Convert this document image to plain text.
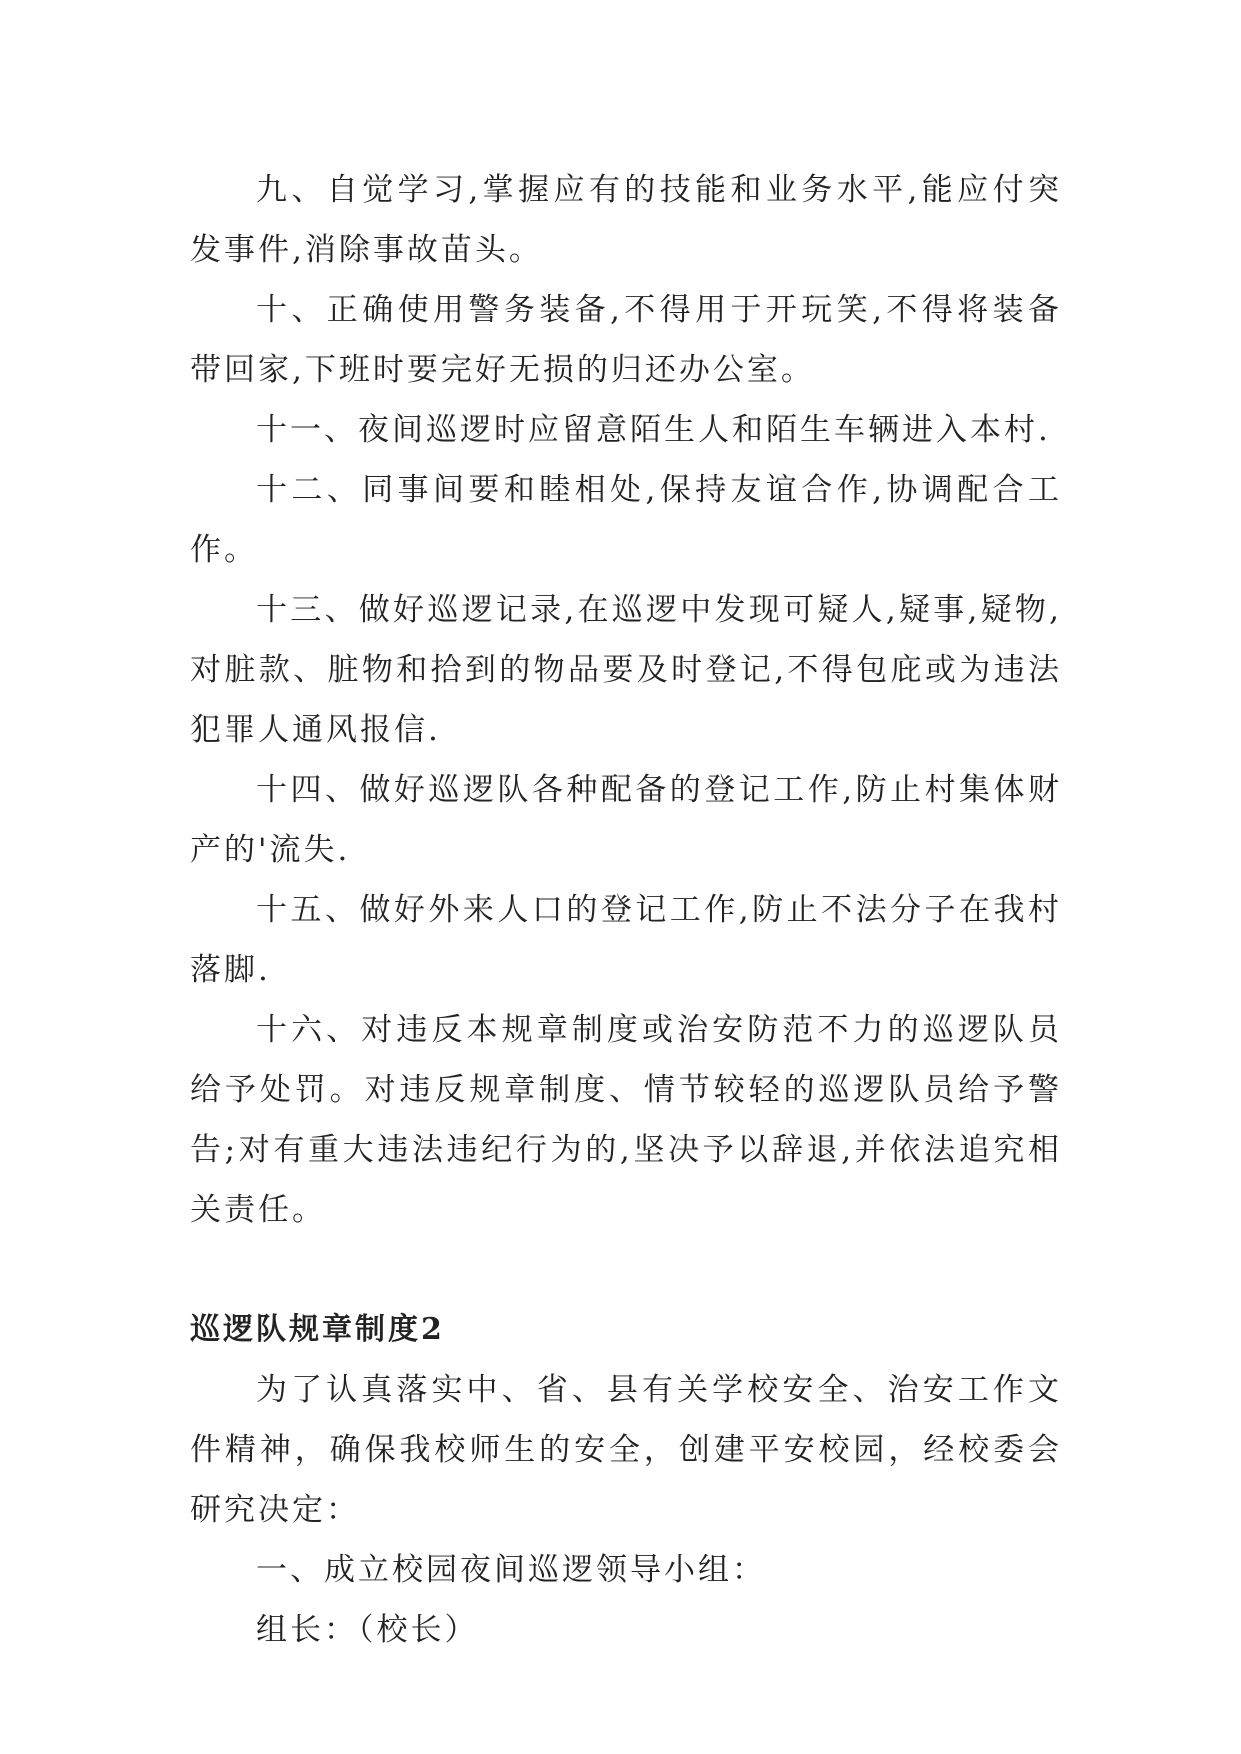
九、自觉学习,掌握应有的技能和业务水平,能应付突发事件,消除事故苗头。

十、正确使用警务装备,不得用于开玩笑,不得将装备带回家,下班时要完好无损的归还办公室。

十一、夜间巡逻时应留意陌生人和陌生车辆进入本村.

十二、同事间要和睦相处,保持友谊合作,协调配合工作。

十三、做好巡逻记录,在巡逻中发现可疑人,疑事,疑物,对脏款、脏物和拾到的物品要及时登记,不得包庇或为违法犯罪人通风报信.

十四、做好巡逻队各种配备的登记工作,防止村集体财产的'流失.

十五、做好外来人口的登记工作,防止不法分子在我村落脚.

十六、对违反本规章制度或治安防范不力的巡逻队员给予处罚。对违反规章制度、情节较轻的巡逻队员给予警告;对有重大违法违纪行为的,坚决予以辞退,并依法追究相关责任。

巡逻队规章制度2

为了认真落实中、省、县有关学校安全、治安工作文件精神，确保我校师生的安全，创建平安校园，经校委会研究决定：

一、成立校园夜间巡逻领导小组：

组长：（校长）
